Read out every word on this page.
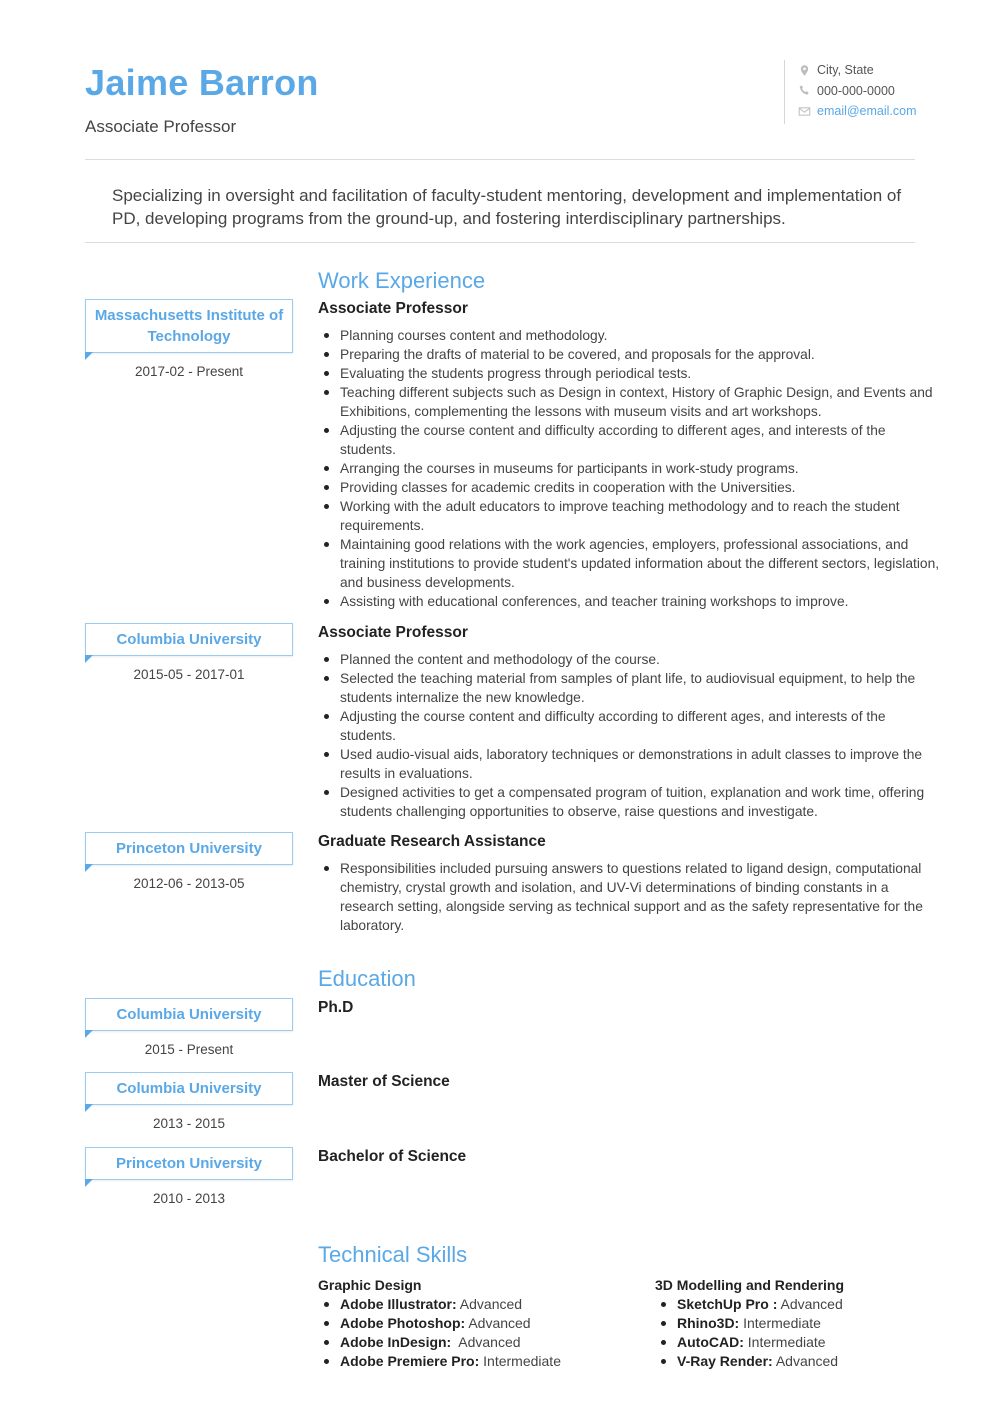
Jaime Barron
Associate Professor
City, State
000-000-0000
email@email.com

Specializing in oversight and facilitation of faculty-student mentoring, development and implementation of PD, developing programs from the ground-up, and fostering interdisciplinary partnerships.

Work Experience
Massachusetts Institute of Technology
2017-02 - Present
Associate Professor
Planning courses content and methodology.
Preparing the drafts of material to be covered, and proposals for the approval.
Evaluating the students progress through periodical tests.
Teaching different subjects such as Design in context, History of Graphic Design, and Events and Exhibitions, complementing the lessons with museum visits and art workshops.
Adjusting the course content and difficulty according to different ages, and interests of the students.
Arranging the courses in museums for participants in work-study programs.
Providing classes for academic credits in cooperation with the Universities.
Working with the adult educators to improve teaching methodology and to reach the student requirements.
Maintaining good relations with the work agencies, employers, professional associations, and training institutions to provide student's updated information about the different sectors, legislation, and business developments.
Assisting with educational conferences, and teacher training workshops to improve.
Columbia University
2015-05 - 2017-01
Associate Professor
Planned the content and methodology of the course.
Selected the teaching material from samples of plant life, to audiovisual equipment, to help the students internalize the new knowledge.
Adjusting the course content and difficulty according to different ages, and interests of the students.
Used audio-visual aids, laboratory techniques or demonstrations in adult classes to improve the results in evaluations.
Designed activities to get a compensated program of tuition, explanation and work time, offering students challenging opportunities to observe, raise questions and investigate.
Princeton University
2012-06 - 2013-05
Graduate Research Assistance
Responsibilities included pursuing answers to questions related to ligand design, computational chemistry, crystal growth and isolation, and UV-Vi determinations of binding constants in a research setting, alongside serving as technical support and as the safety representative for the laboratory.
Education
Columbia University
2015 - Present
Ph.D
Columbia University
2013 - 2015
Master of Science
Princeton University
2010 - 2013
Bachelor of Science
Technical Skills
Graphic Design
Adobe Illustrator: Advanced
Adobe Photoshop: Advanced
Adobe InDesign:  Advanced
Adobe Premiere Pro: Intermediate
3D Modelling and Rendering
SketchUp Pro : Advanced
Rhino3D: Intermediate
AutoCAD: Intermediate
V-Ray Render: Advanced
